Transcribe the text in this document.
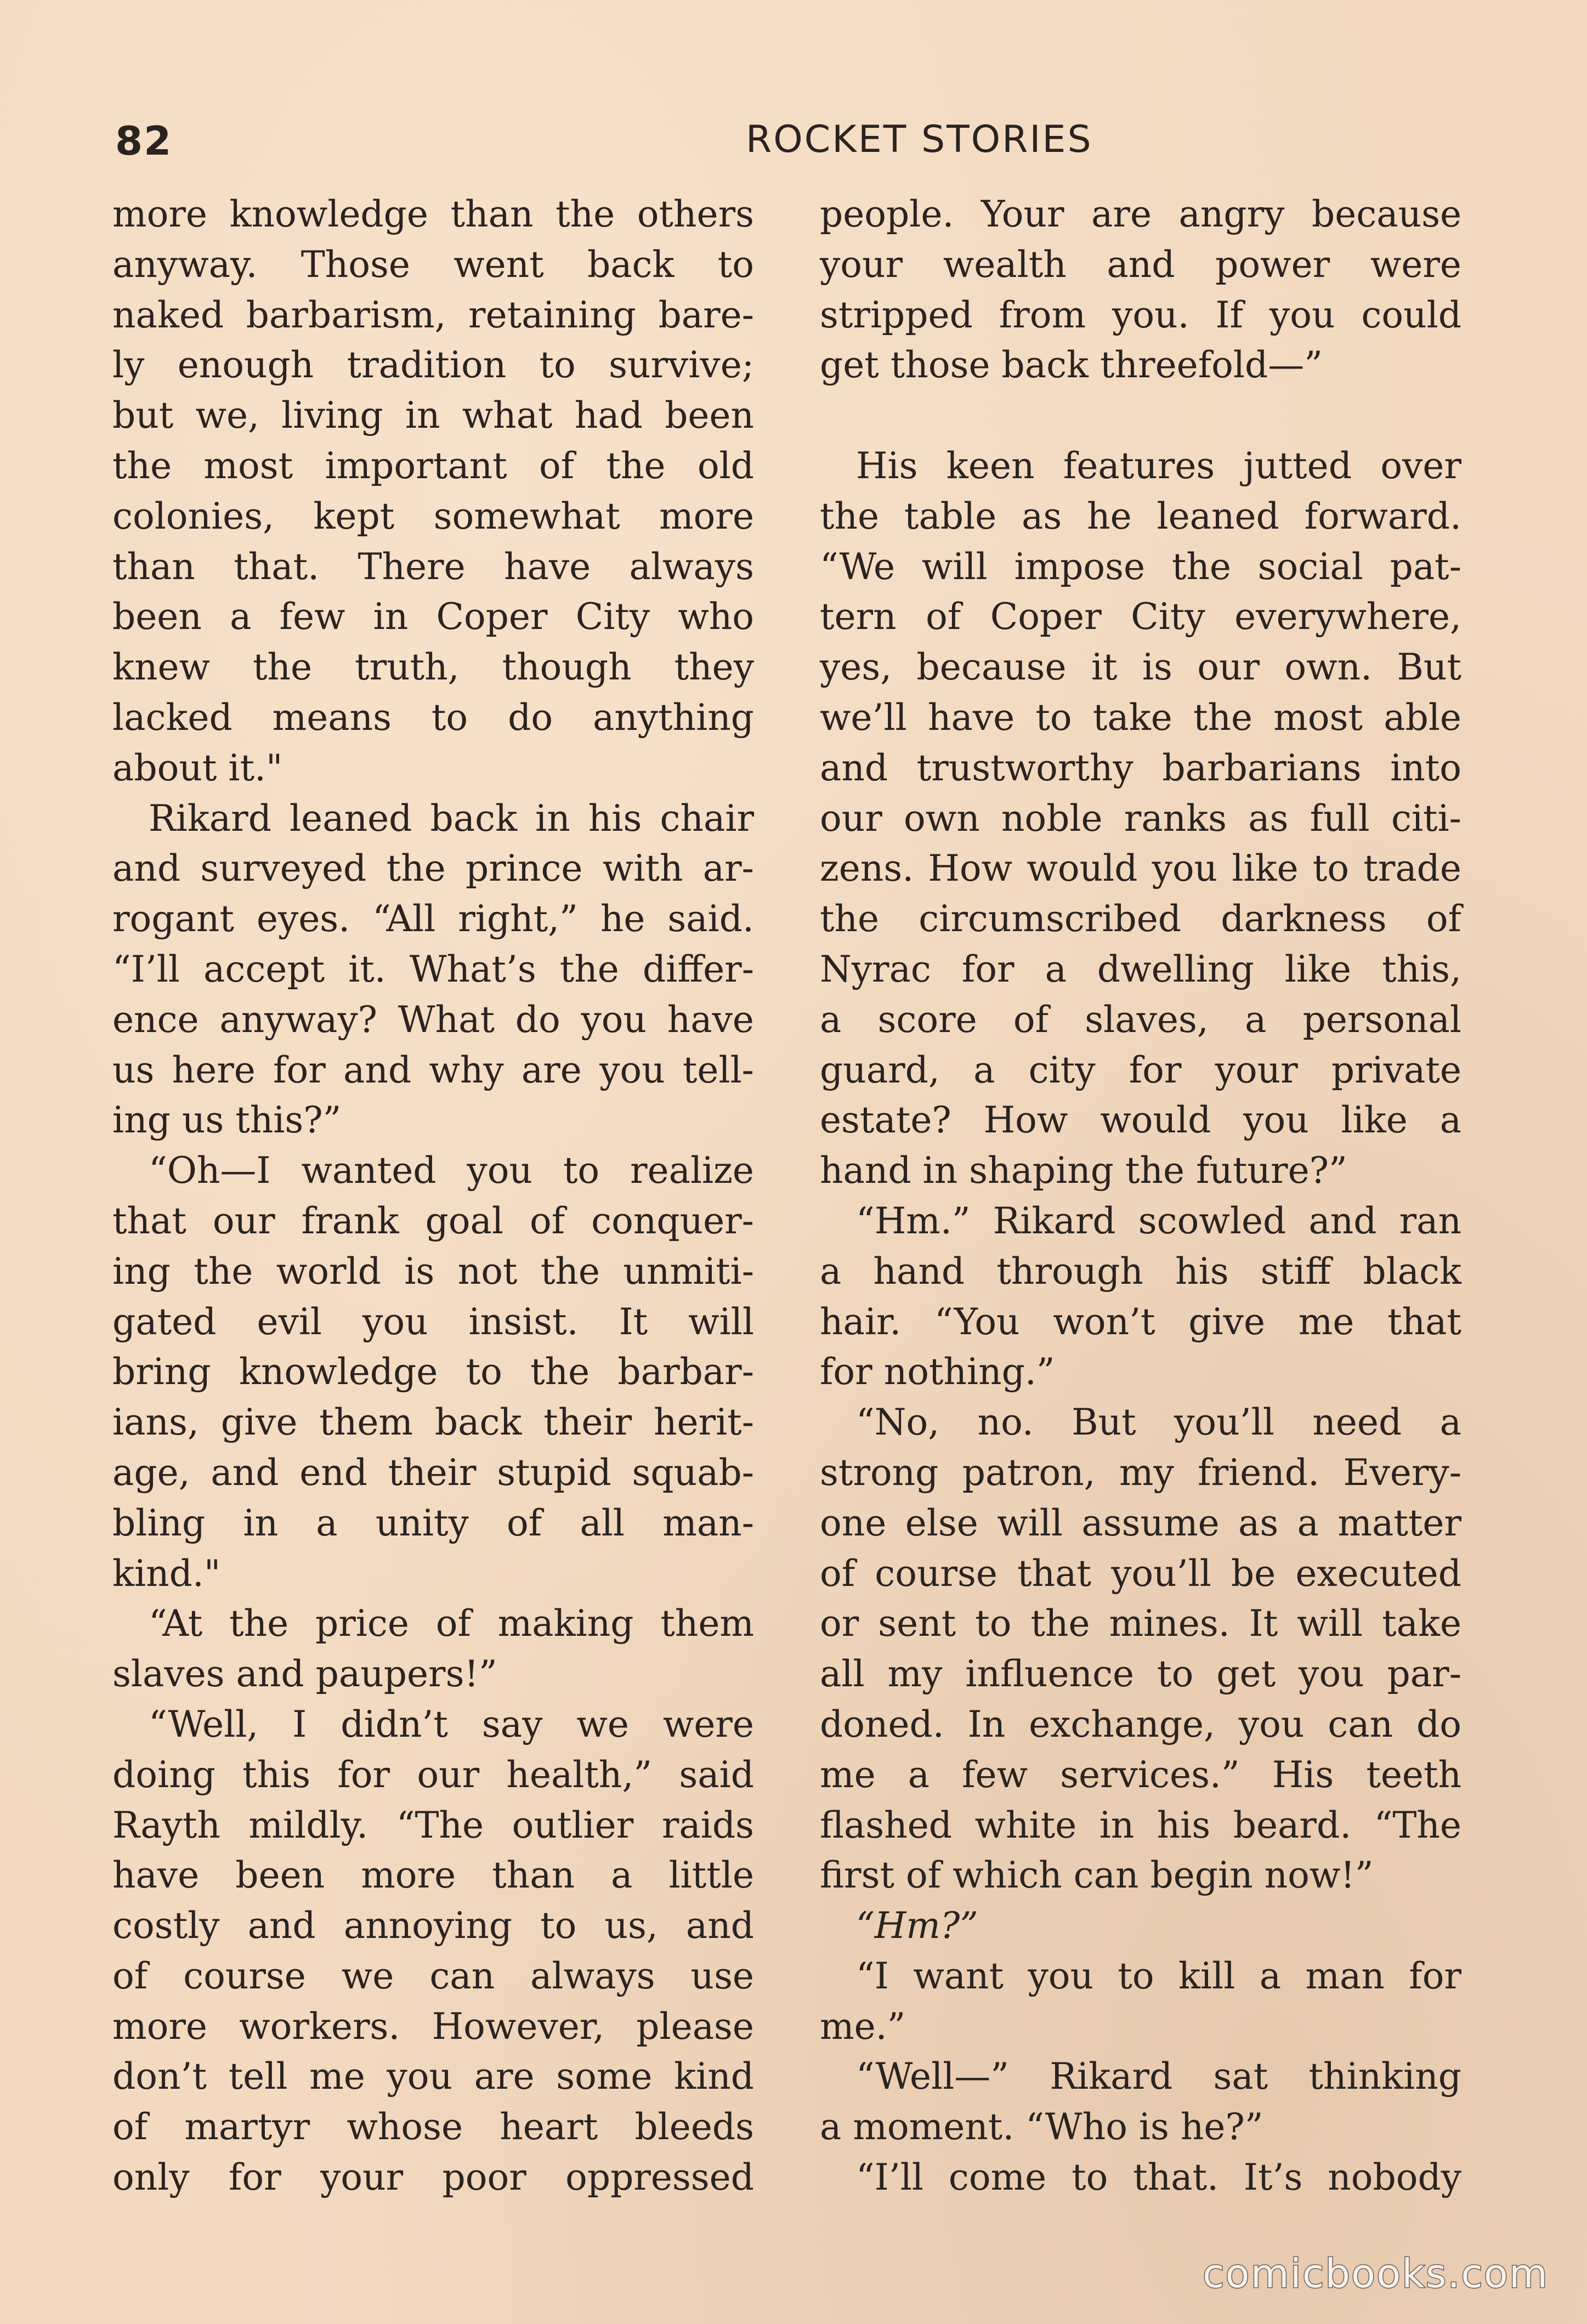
82	ROCKET STORIES
more knowledge than the others
anyway. Those went back to
naked barbarism, retaining bare-
ly enough tradition to survive;
but we, living in what had been
the most important of the old
colonies, kept somewhat more
than that. There have always
been a few in Coper City who
knew the truth, though they
lacked means to do anything
about it."
Rikard leaned back in his chair
and surveyed the prince with ar-
rogant eyes. “All right,” he said.
“I’ll accept it. What’s the differ-
ence anyway? What do you have
us here for and why are you tell-
ing us this?”
“Oh—I wanted you to realize
that our frank goal of conquer-
ing the world is not the unmiti-
gated evil you insist. It will
bring knowledge to the barbar-
ians, give them back their herit-
age, and end their stupid squab-
bling in a unity of all man-
kind."
“At the price of making them
slaves and paupers!”
“Well, I didn’t say we were
doing this for our health,” said
Rayth mildly. “The outlier raids
have been more than a little
costly and annoying to us, and
of course we can always use
more workers. However, please
don’t tell me you are some kind
of martyr whose heart bleeds
only for your poor oppressed
people. Your are angry because
your wealth and power were
stripped from you. If you could
get those back threefold—”

His keen features jutted over
the table as he leaned forward.
“We will impose the social pat-
tern of Coper City everywhere,
yes, because it is our own. But
we’ll have to take the most able
and trustworthy barbarians into
our own noble ranks as full citi-
zens. How would you like to trade
the circumscribed darkness of
Nyrac for a dwelling like this,
a score of slaves, a personal
guard, a city for your private
estate? How would you like a
hand in shaping the future?”
“Hm.” Rikard scowled and ran
a hand through his stiff black
hair. “You won’t give me that
for nothing.”
“No, no. But you’ll need a
strong patron, my friend. Every-
one else will assume as a matter
of course that you’ll be executed
or sent to the mines. It will take
all my influence to get you par-
doned. In exchange, you can do
me a few services.” His teeth
flashed white in his beard. “The
first of which can begin now!”
“Hm?”
“I want you to kill a man for
me.”
“Well—” Rikard sat thinking
a moment. “Who is he?”
“I’ll come to that. It’s nobody
comicbooks.com
